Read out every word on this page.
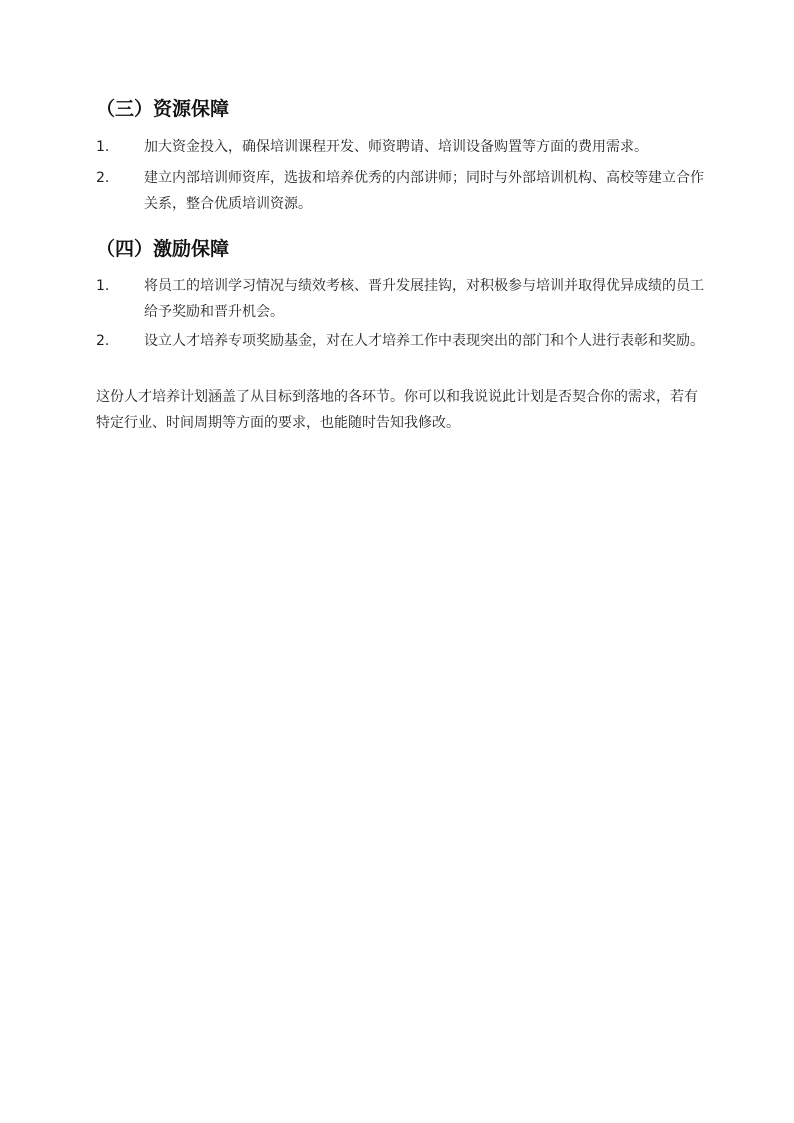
（三）资源保障
1. 加大资金投入，确保培训课程开发、师资聘请、培训设备购置等方面的费用需求。
2. 建立内部培训师资库，选拔和培养优秀的内部讲师；同时与外部培训机构、高校等建立合作关系，整合优质培训资源。
（四）激励保障
1. 将员工的培训学习情况与绩效考核、晋升发展挂钩，对积极参与培训并取得优异成绩的员工给予奖励和晋升机会。
2. 设立人才培养专项奖励基金，对在人才培养工作中表现突出的部门和个人进行表彰和奖励。

这份人才培养计划涵盖了从目标到落地的各环节。你可以和我说说此计划是否契合你的需求，若有特定行业、时间周期等方面的要求，也能随时告知我修改。
